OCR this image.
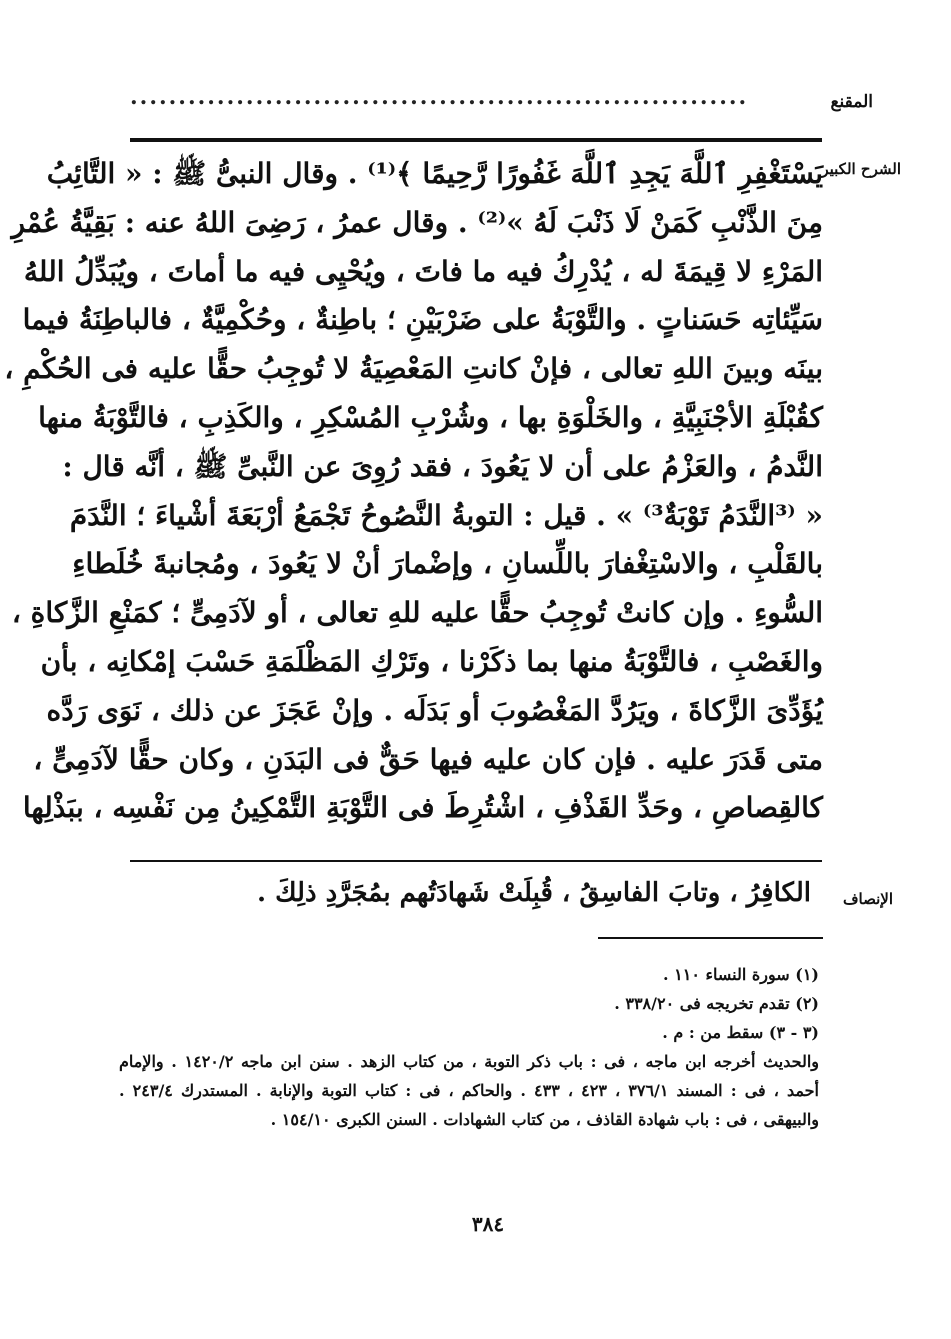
المقنع
................................................................
الشرح الكبير
يَسْتَغْفِرِ ٱللَّهَ يَجِدِ ٱللَّهَ غَفُورًا رَّحِيمًا ﴾⁽¹⁾ . وقال النبىُّ ﷺ : « التَّائِبُ
مِنَ الذَّنْبِ كَمَنْ لَا ذَنْبَ لَهُ »⁽²⁾ . وقال عمرُ ، رَضِىَ اللهُ عنه : بَقِيَّةُ عُمْرِ
المَرْءِ لا قِيمَةَ له ، يُدْرِكُ فيه ما فاتَ ، ويُحْيِى فيه ما أماتَ ، ويُبَدِّلُ اللهُ
سَيِّئاتِه حَسَناتٍ . والتَّوْبَةُ على ضَرْبَيْنِ ؛ باطِنةٌ ، وحُكْمِيَّةٌ ، فالباطِنَةُ فيما
بينَه وبينَ اللهِ تعالى ، فإنْ كانتِ المَعْصِيَةُ لا تُوجِبُ حقًّا عليه فى الحُكْمِ ،
كقُبْلَةِ الأجْنَبِيَّةِ ، والخَلْوَةِ بها ، وشُرْبِ المُسْكِرِ ، والكَذِبِ ، فالتَّوْبَةُ منها
النَّدمُ ، والعَزْمُ على أن لا يَعُودَ ، فقد رُوِىَ عن النَّبىِّ ﷺ ، أنَّه قال :
« ⁽³النَّدَمُ تَوْبَةٌ³⁾ » . قيل : التوبةُ النَّصُوحُ تَجْمَعُ أرْبَعَةَ أشْياءَ ؛ النَّدَمَ
بالقَلْبِ ، والاسْتِغْفارَ باللِّسانِ ، وإضْمارَ أنْ لا يَعُودَ ، ومُجانبةَ خُلَطاءِ
السُّوءِ . وإن كانتْ تُوجِبُ حقًّا عليه للهِ تعالى ، أو لآدَمِىٍّ ؛ كمَنْعِ الزَّكاةِ ،
والغَصْبِ ، فالتَّوْبَةُ منها بما ذكَرْنا ، وتَرْكِ المَظْلَمَةِ حَسْبَ إمْكانِه ، بأن
يُؤَدِّىَ الزَّكاةَ ، ويَرُدَّ المَغْصُوبَ أو بَدَلَه . وإنْ عَجَزَ عن ذلك ، نَوَى رَدَّه
متى قَدَرَ عليه . فإن كان عليه فيها حَقٌّ فى البَدَنِ ، وكان حقًّا لآدَمِىٍّ ،
كالقِصاصِ ، وحَدِّ القَذْفِ ، اشْتُرِطَ فى التَّوْبَةِ التَّمْكِينُ مِن نَفْسِه ، ببَذْلِها
الإنصاف
الكافِرُ ، وتابَ الفاسِقُ ، قُبِلَتْ شَهادَتُهم بمُجَرَّدِ ذلِكَ .
(١) سورة النساء ١١٠ .
(٢) تقدم تخريجه فى ٣٣٨/٢٠ .
(٣ - ٣) سقط من : م .
والحديث أخرجه ابن ماجه ، فى : باب ذكر التوبة ، من كتاب الزهد . سنن ابن ماجه ١٤٢٠/٢ . والإمام
أحمد ، فى : المسند ٣٧٦/١ ، ٤٢٣ ، ٤٣٣ . والحاكم ، فى : كتاب التوبة والإنابة . المستدرك ٢٤٣/٤ .
والبيهقى ، فى : باب شهادة القاذف ، من كتاب الشهادات . السنن الكبرى ١٥٤/١٠ .
٣٨٤
